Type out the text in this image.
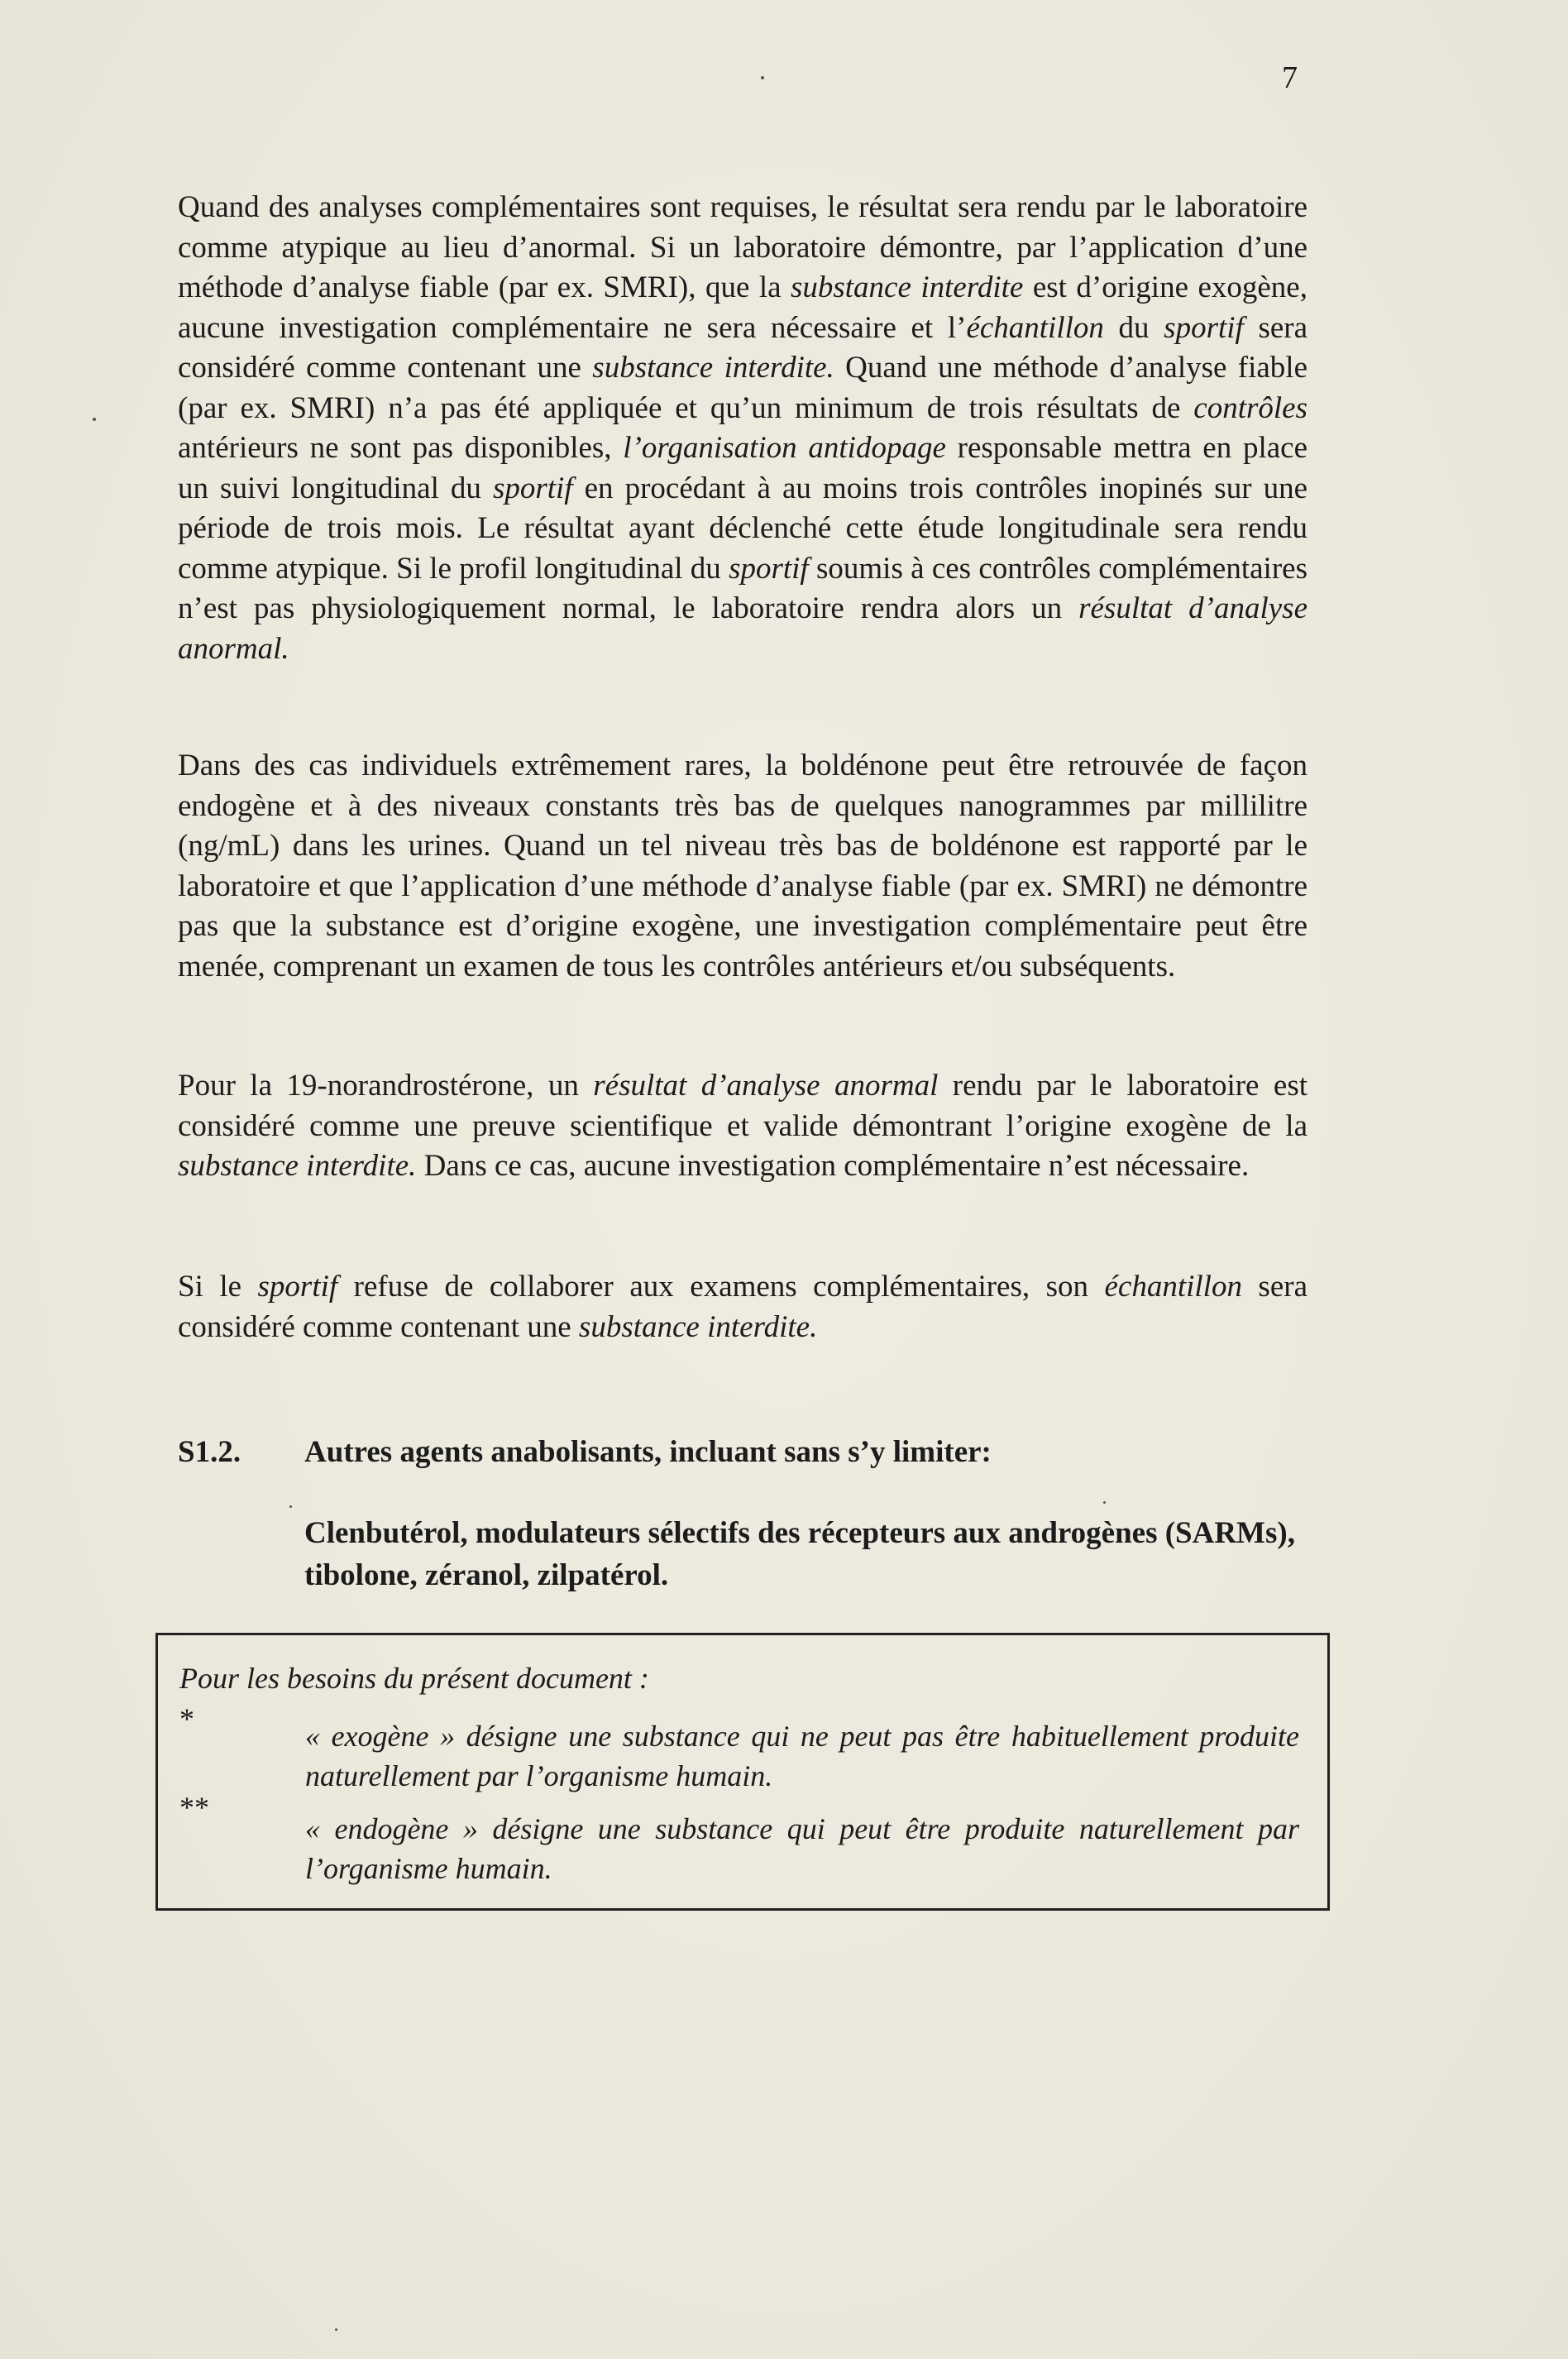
7

Quand des analyses complémentaires sont requises, le résultat sera rendu par le laboratoire comme atypique au lieu d’anormal. Si un laboratoire démontre, par l’application d’une méthode d’analyse fiable (par ex. SMRI), que la substance interdite est d’origine exogène, aucune investigation complémentaire ne sera nécessaire et l’échantillon du sportif sera considéré comme contenant une substance interdite. Quand une méthode d’analyse fiable (par ex. SMRI) n’a pas été appliquée et qu’un minimum de trois résultats de contrôles antérieurs ne sont pas disponibles, l’organisation antidopage responsable mettra en place un suivi longitudinal du sportif en procédant à au moins trois contrôles inopinés sur une période de trois mois. Le résultat ayant déclenché cette étude longitudinale sera rendu comme atypique. Si le profil longitudinal du sportif soumis à ces contrôles complémentaires n’est pas physiologiquement normal, le laboratoire rendra alors un résultat d’analyse anormal.

Dans des cas individuels extrêmement rares, la boldénone peut être retrouvée de façon endogène et à des niveaux constants très bas de quelques nanogrammes par millilitre (ng/mL) dans les urines. Quand un tel niveau très bas de boldénone est rapporté par le laboratoire et que l’application d’une méthode d’analyse fiable (par ex. SMRI) ne démontre pas que la substance est d’origine exogène, une investigation complémentaire peut être menée, comprenant un examen de tous les contrôles antérieurs et/ou subséquents.

Pour la 19-norandrostérone, un résultat d’analyse anormal rendu par le laboratoire est considéré comme une preuve scientifique et valide démontrant l’origine exogène de la substance interdite. Dans ce cas, aucune investigation complémentaire n’est nécessaire.

Si le sportif refuse de collaborer aux examens complémentaires, son échantillon sera considéré comme contenant une substance interdite.

S1.2. Autres agents anabolisants, incluant sans s’y limiter:

Clenbutérol, modulateurs sélectifs des récepteurs aux androgènes (SARMs), tibolone, zéranol, zilpatérol.

Pour les besoins du présent document :
*

« exogène » désigne une substance qui ne peut pas être habituellement produite naturellement par l’organisme humain.

**

« endogène » désigne une substance qui peut être produite naturellement par l’organisme humain.
